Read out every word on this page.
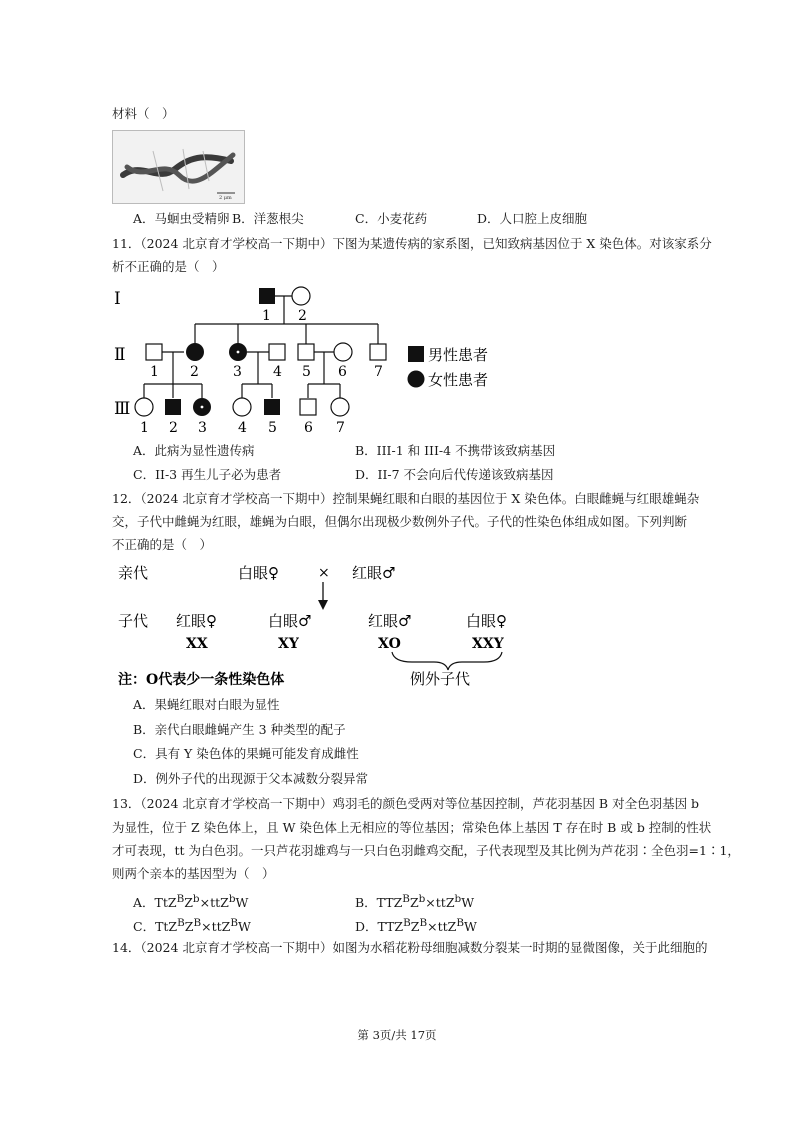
材料（　）
2 μm
A．马蛔虫受精卵 B．洋葱根尖	C．小麦花药	D．人口腔上皮细胞
11．（2024 北京育才学校高一下期中）下图为某遗传病的家系图，已知致病基因位于 X 染色体。对该家系分
析不正确的是（　）
Ⅰ
Ⅱ
Ⅲ
1 2
1 2 3 4 5 6 7
1 2 3 4 5 6 7
男性患者
女性患者
A．此病为显性遗传病	B．III-1 和 III-4 不携带该致病基因
C．II-3 再生儿子必为患者	D．II-7 不会向后代传递该致病基因
12．（2024 北京育才学校高一下期中）控制果蝇红眼和白眼的基因位于 X 染色体。白眼雌蝇与红眼雄蝇杂
交，子代中雌蝇为红眼，雄蝇为白眼，但偶尔出现极少数例外子代。子代的性染色体组成如图。下列判断
不正确的是（　）
亲代	白眼♀	× 红眼♂
子代 红眼♀
XX
白眼♂
XY
红眼♂
XO
白眼♀
XXY
注：O代表少一条性染色体	例外子代
A．果蝇红眼对白眼为显性
B．亲代白眼雌蝇产生 3 种类型的配子
C．具有 Y 染色体的果蝇可能发育成雌性
D．例外子代的出现源于父本减数分裂异常
13．（2024 北京育才学校高一下期中）鸡羽毛的颜色受两对等位基因控制，芦花羽基因 B 对全色羽基因 b
为显性，位于 Z 染色体上，且 W 染色体上无相应的等位基因；常染色体上基因 T 存在时 B 或 b 控制的性状
才可表现，tt 为白色羽。一只芦花羽雄鸡与一只白色羽雌鸡交配，子代表现型及其比例为芦花羽∶全色羽=1∶1，
则两个亲本的基因型为（　）
A．$TtZ^BZ^b\times ttZ^bW$	B．$TTZ^BZ^b\times ttZ^bW$
C．$TtZ^BZ^B\times ttZ^BW$	D．$TTZ^BZ^B\times ttZ^BW$
14．（2024 北京育才学校高一下期中）如图为水稻花粉母细胞减数分裂某一时期的显微图像，关于此细胞的
第 3页/共 17页
